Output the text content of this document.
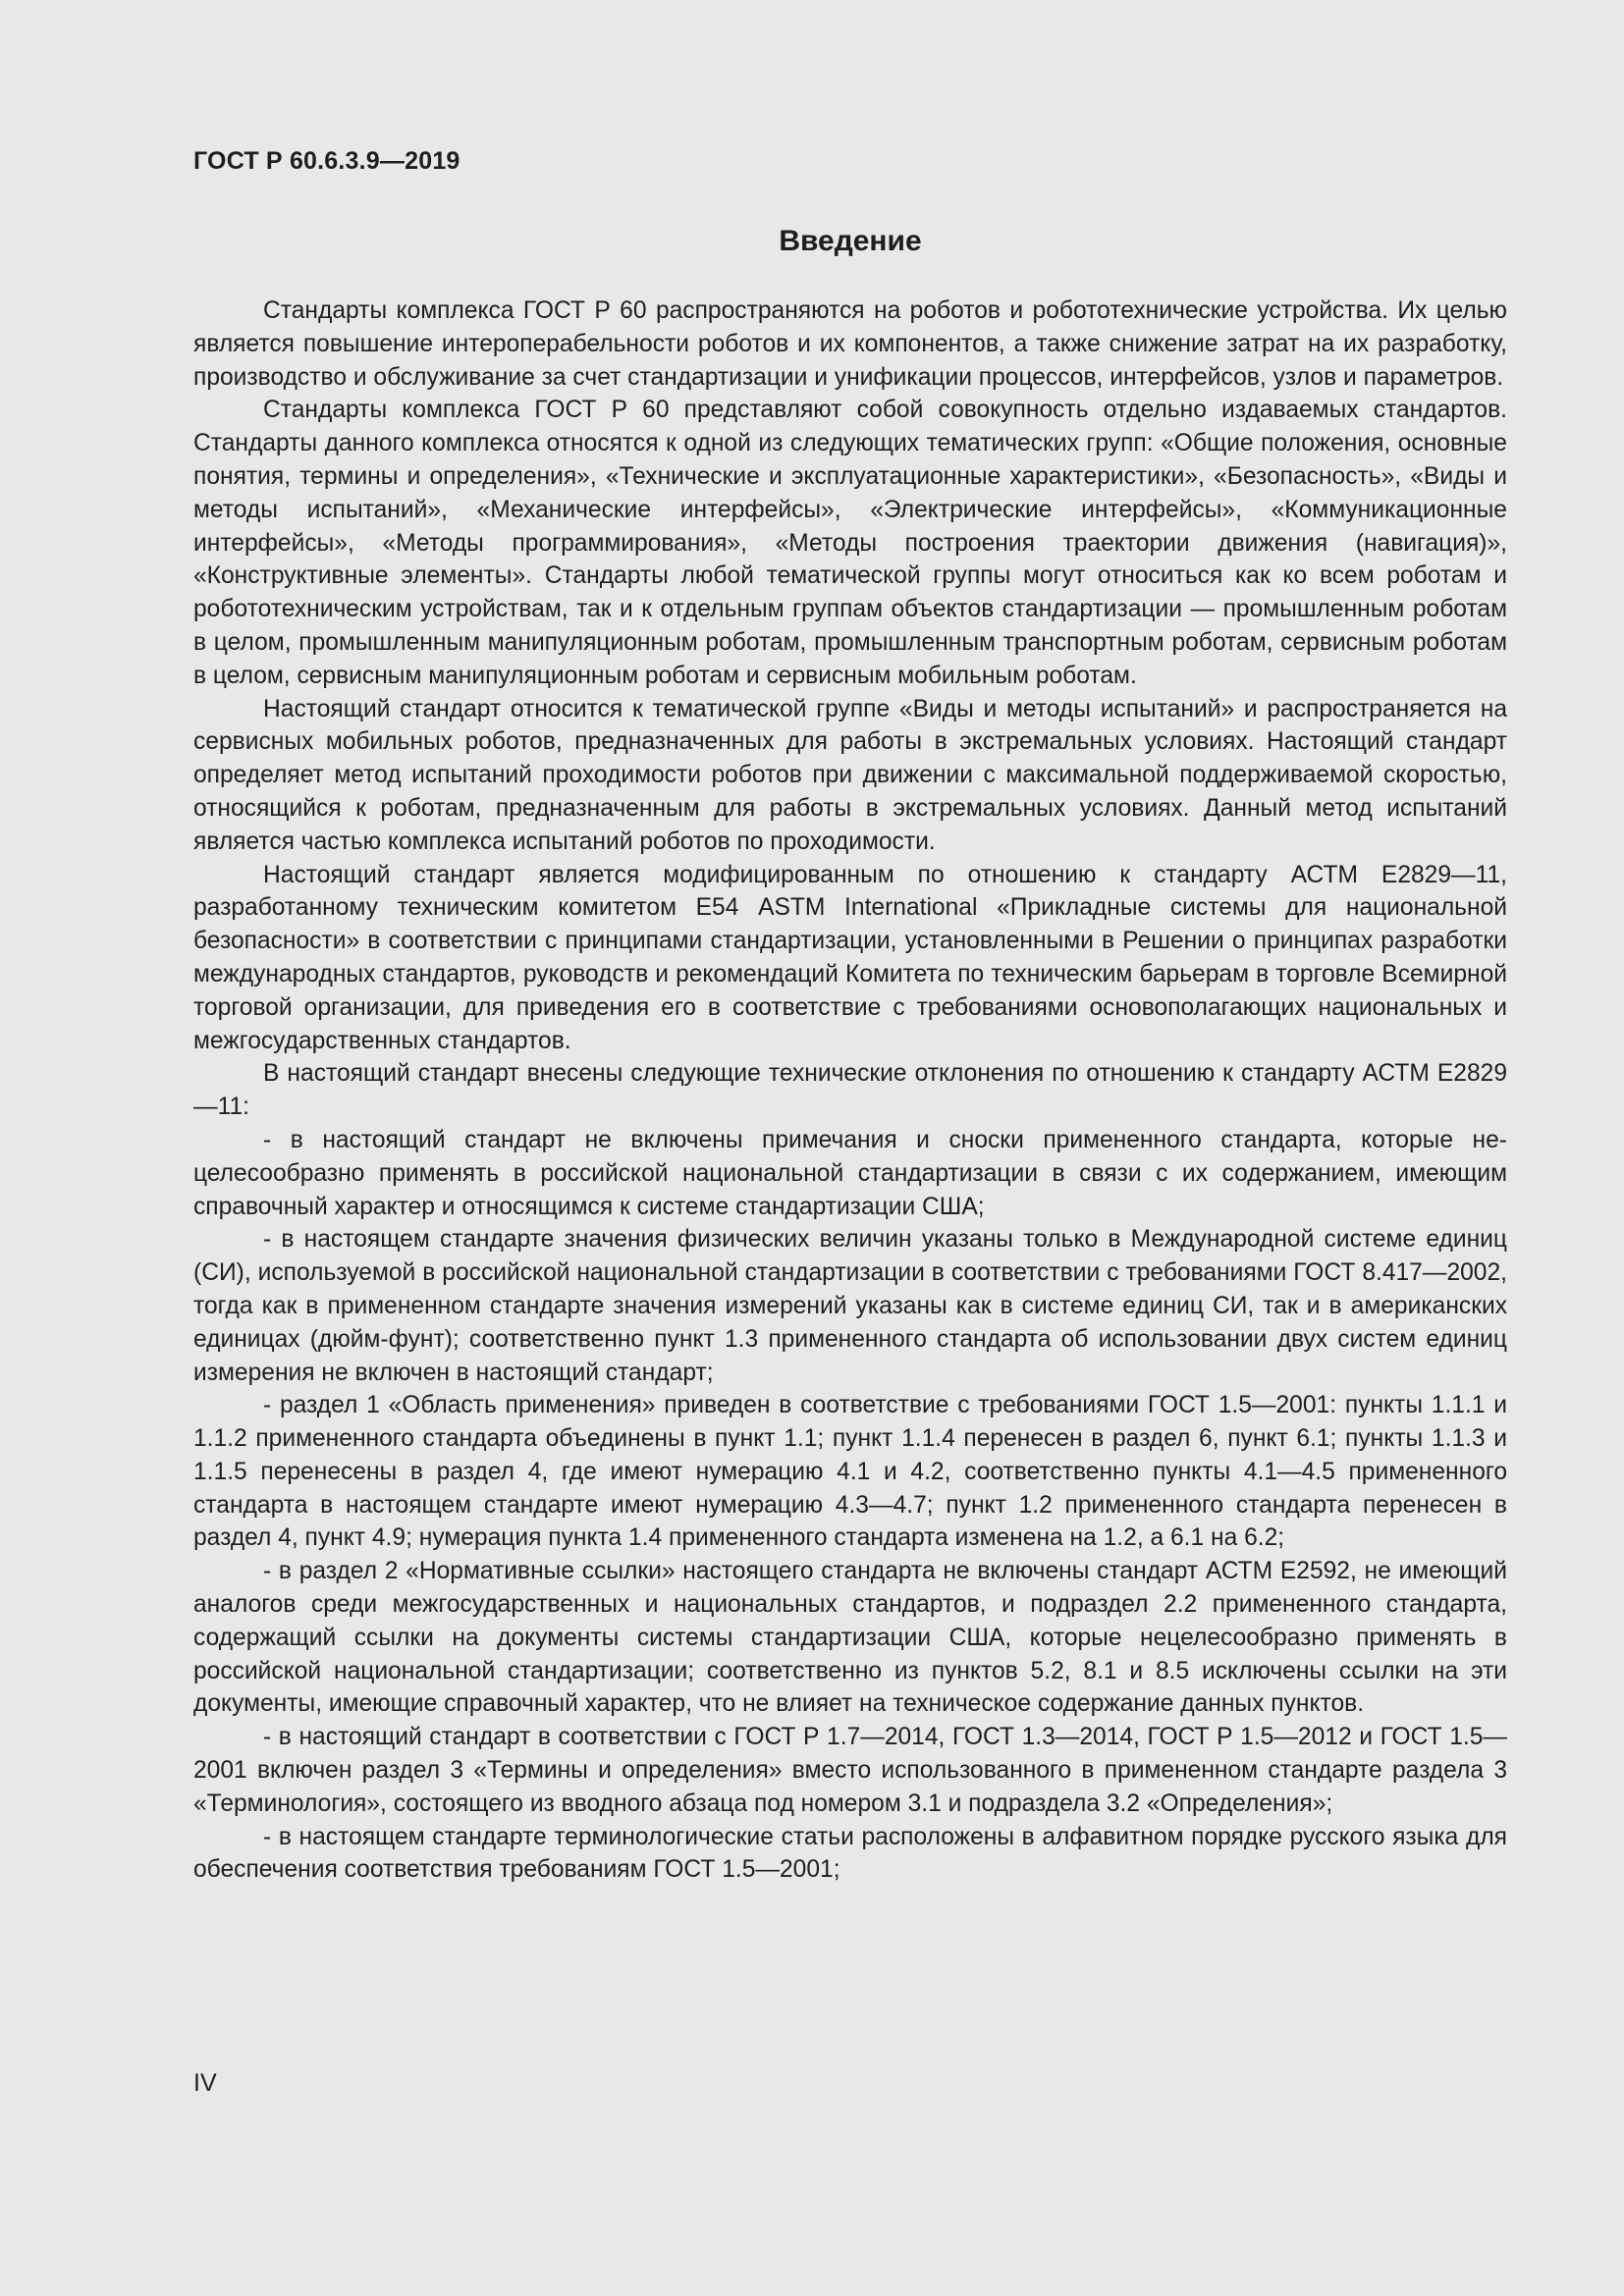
ГОСТ Р 60.6.3.9—2019
Введение

Стандарты комплекса ГОСТ Р 60 распространяются на роботов и робототехнические устройства. Их целью является повышение интероперабельности роботов и их компонентов, а также снижение затрат на их разработку, производство и обслуживание за счет стандартизации и унификации процессов, интерфейсов, узлов и параметров.

Стандарты комплекса ГОСТ Р 60 представляют собой совокупность отдельно издаваемых стандартов. Стандарты данного комплекса относятся к одной из следующих тематических групп: «Общие положения, основные понятия, термины и определения», «Технические и эксплуатационные характеристики», «Безопасность», «Виды и методы испытаний», «Механические интерфейсы», «Электрические интерфейсы», «Коммуникационные интерфейсы», «Методы программирования», «Методы построения траектории движения (навигация)», «Конструктивные элементы». Стандарты любой тематической группы могут относиться как ко всем роботам и робототехническим устройствам, так и к отдельным группам объектов стандартизации — промышленным роботам в целом, промышленным манипуляционным роботам, промышленным транспортным роботам, сервисным роботам в целом, сервисным манипуляционным роботам и сервисным мобильным роботам.

Настоящий стандарт относится к тематической группе «Виды и методы испытаний» и распространяется на сервисных мобильных роботов, предназначенных для работы в экстремальных условиях. Настоящий стандарт определяет метод испытаний проходимости роботов при движении с максимальной поддерживаемой скоростью, относящийся к роботам, предназначенным для работы в экстремальных условиях. Данный метод испытаний является частью комплекса испытаний роботов по проходимости.

Настоящий стандарт является модифицированным по отношению к стандарту АСТМ Е2829—11, разработанному техническим комитетом Е54 ASTM International «Прикладные системы для национальной безопасности» в соответствии с принципами стандартизации, установленными в Решении о принципах разработки международных стандартов, руководств и рекомендаций Комитета по техническим барьерам в торговле Всемирной торговой организации, для приведения его в соответствие с требованиями основополагающих национальных и межгосударственных стандартов.

В настоящий стандарт внесены следующие технические отклонения по отношению к стандарту АСТМ Е2829—11:

- в настоящий стандарт не включены примечания и сноски примененного стандарта, которые нецелесообразно применять в российской национальной стандартизации в связи с их содержанием, имеющим справочный характер и относящимся к системе стандартизации США;

- в настоящем стандарте значения физических величин указаны только в Международной системе единиц (СИ), используемой в российской национальной стандартизации в соответствии с требованиями ГОСТ 8.417—2002, тогда как в примененном стандарте значения измерений указаны как в системе единиц СИ, так и в американских единицах (дюйм-фунт); соответственно пункт 1.3 примененного стандарта об использовании двух систем единиц измерения не включен в настоящий стандарт;

- раздел 1 «Область применения» приведен в соответствие с требованиями ГОСТ 1.5—2001: пункты 1.1.1 и 1.1.2 примененного стандарта объединены в пункт 1.1; пункт 1.1.4 перенесен в раздел 6, пункт 6.1; пункты 1.1.3 и 1.1.5 перенесены в раздел 4, где имеют нумерацию 4.1 и 4.2, соответственно пункты 4.1—4.5 примененного стандарта в настоящем стандарте имеют нумерацию 4.3—4.7; пункт 1.2 примененного стандарта перенесен в раздел 4, пункт 4.9; нумерация пункта 1.4 примененного стандарта изменена на 1.2, а 6.1 на 6.2;

- в раздел 2 «Нормативные ссылки» настоящего стандарта не включены стандарт АСТМ Е2592, не имеющий аналогов среди межгосударственных и национальных стандартов, и подраздел 2.2 примененного стандарта, содержащий ссылки на документы системы стандартизации США, которые нецелесообразно применять в российской национальной стандартизации; соответственно из пунктов 5.2, 8.1 и 8.5 исключены ссылки на эти документы, имеющие справочный характер, что не влияет на техническое содержание данных пунктов.

- в настоящий стандарт в соответствии с ГОСТ Р 1.7—2014, ГОСТ 1.3—2014, ГОСТ Р 1.5—2012 и ГОСТ 1.5—2001 включен раздел 3 «Термины и определения» вместо использованного в примененном стандарте раздела 3 «Терминология», состоящего из вводного абзаца под номером 3.1 и подраздела 3.2 «Определения»;

- в настоящем стандарте терминологические статьи расположены в алфавитном порядке русского языка для обеспечения соответствия требованиям ГОСТ 1.5—2001;

IV
